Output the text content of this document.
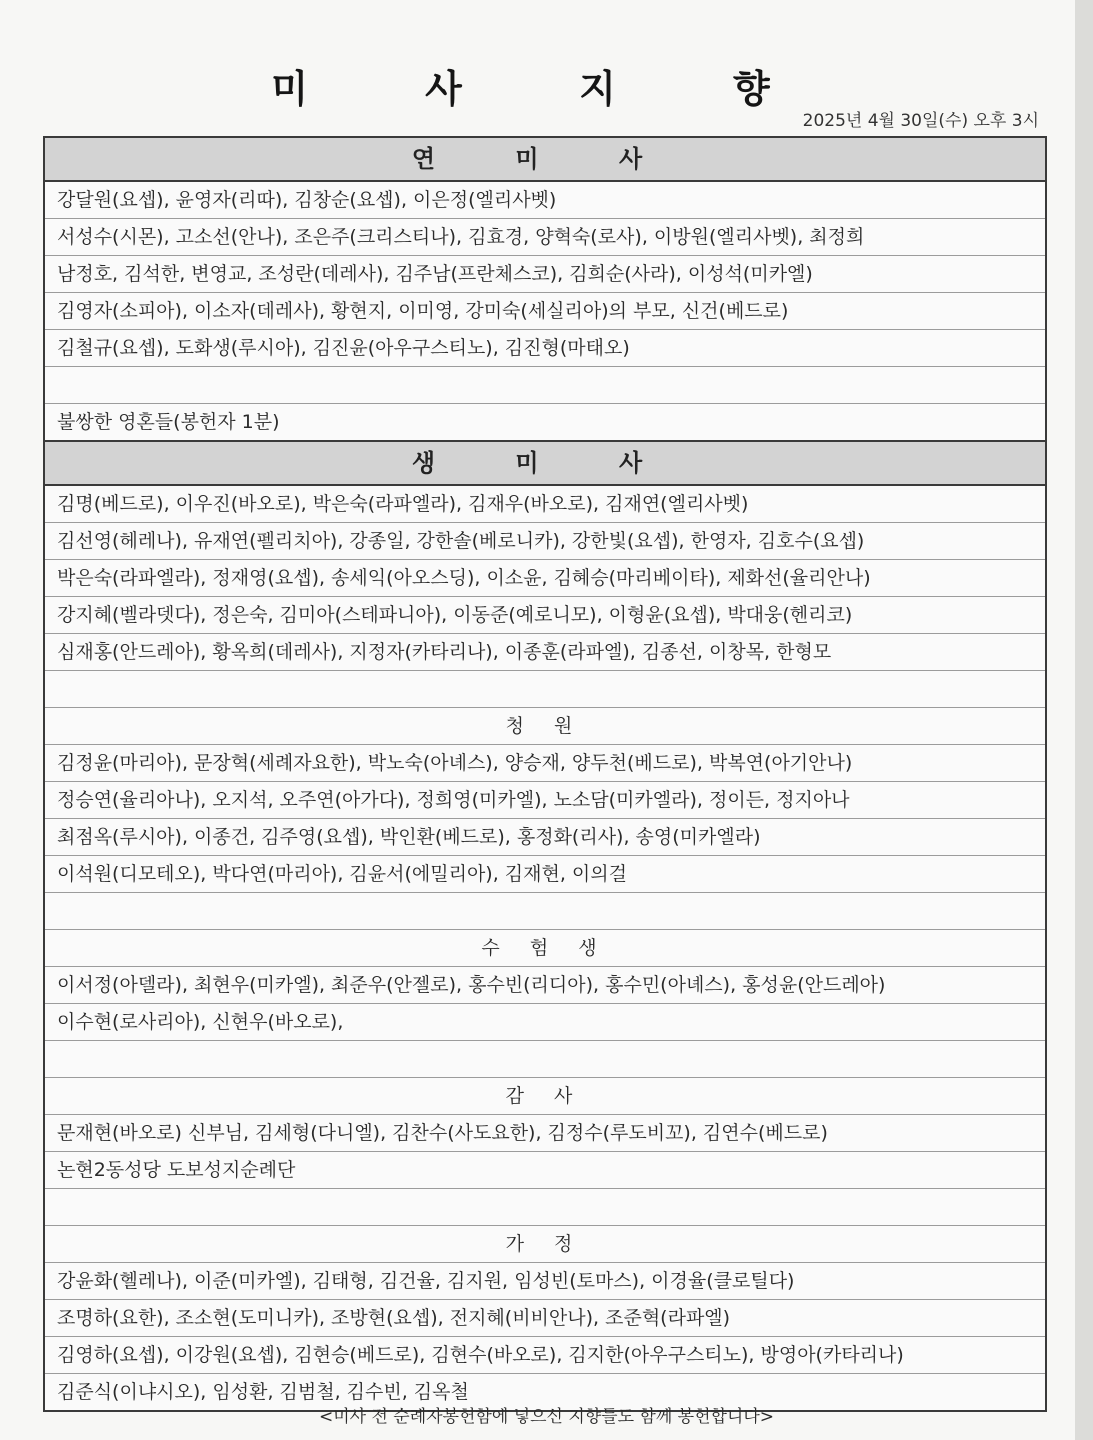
미 사 지 향
2025년 4월 30일(수) 오후 3시
연 미 사
강달원(요셉), 윤영자(리따), 김창순(요셉), 이은정(엘리사벳)
서성수(시몬), 고소선(안나), 조은주(크리스티나), 김효경, 양혁숙(로사), 이방원(엘리사벳), 최정희
남정호, 김석한, 변영교, 조성란(데레사), 김주남(프란체스코), 김희순(사라), 이성석(미카엘)
김영자(소피아), 이소자(데레사), 황현지, 이미영, 강미숙(세실리아)의 부모, 신건(베드로)
김철규(요셉), 도화생(루시아), 김진윤(아우구스티노), 김진형(마태오)
불쌍한 영혼들(봉헌자 1분)
생 미 사
김명(베드로), 이우진(바오로), 박은숙(라파엘라), 김재우(바오로), 김재연(엘리사벳)
김선영(헤레나), 유재연(펠리치아), 강종일, 강한솔(베로니카), 강한빛(요셉), 한영자, 김호수(요셉)
박은숙(라파엘라), 정재영(요셉), 송세익(아오스딩), 이소윤, 김혜승(마리베이타), 제화선(율리안나)
강지혜(벨라뎃다), 정은숙, 김미아(스테파니아), 이동준(예로니모), 이형윤(요셉), 박대웅(헨리코)
심재홍(안드레아), 황옥희(데레사), 지정자(카타리나), 이종훈(라파엘), 김종선, 이창목, 한형모
청 원
김정윤(마리아), 문장혁(세례자요한), 박노숙(아녜스), 양승재, 양두천(베드로), 박복연(아기안나)
정승연(율리아나), 오지석, 오주연(아가다), 정희영(미카엘), 노소담(미카엘라), 정이든, 정지아나
최점옥(루시아), 이종건, 김주영(요셉), 박인환(베드로), 홍정화(리사), 송영(미카엘라)
이석원(디모테오), 박다연(마리아), 김윤서(에밀리아), 김재현, 이의걸
수 험 생
이서정(아델라), 최현우(미카엘), 최준우(안젤로), 홍수빈(리디아), 홍수민(아녜스), 홍성윤(안드레아)
이수현(로사리아), 신현우(바오로),
감 사
문재현(바오로) 신부님, 김세형(다니엘), 김찬수(사도요한), 김정수(루도비꼬), 김연수(베드로)
논현2동성당 도보성지순례단
가 정
강윤화(헬레나), 이준(미카엘), 김태형, 김건율, 김지원, 임성빈(토마스), 이경율(클로틸다)
조명하(요한), 조소현(도미니카), 조방현(요셉), 전지혜(비비안나), 조준혁(라파엘)
김영하(요셉), 이강원(요셉), 김현승(베드로), 김현수(바오로), 김지한(아우구스티노), 방영아(카타리나)
김준식(이냐시오), 임성환, 김범철, 김수빈, 김옥철
<미사 전 순례자봉헌함에 넣으신 지향들도 함께 봉헌합니다>
